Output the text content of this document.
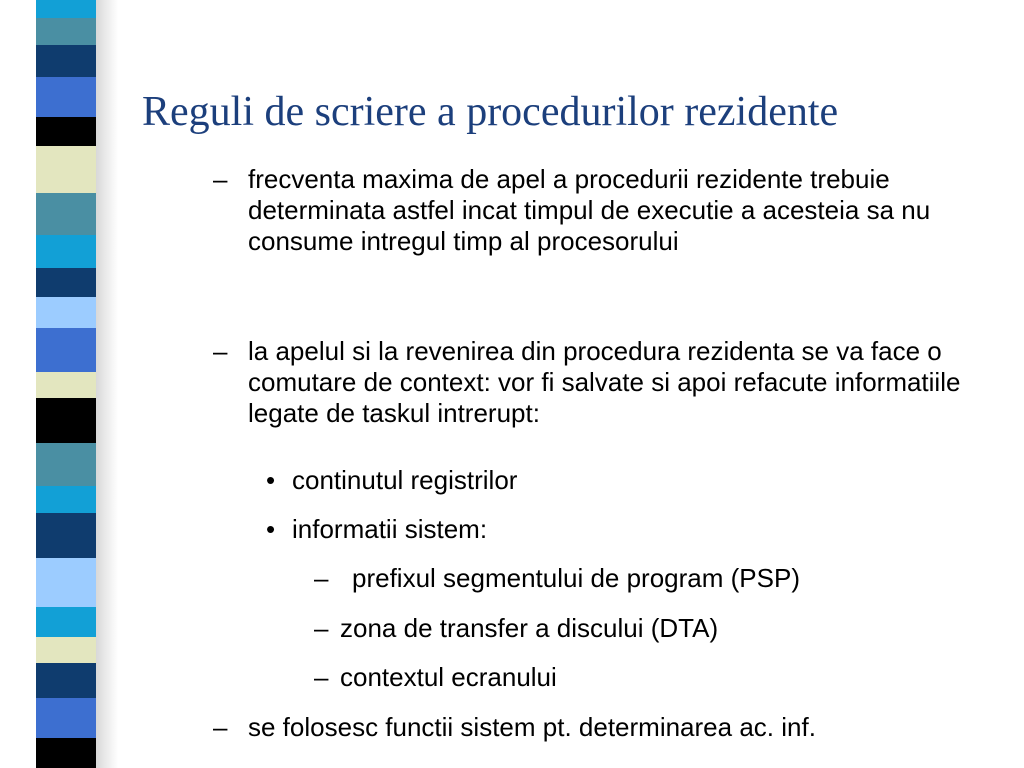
Reguli de scriere a procedurilor rezidente
– frecventa maxima de apel a procedurii rezidente trebuie determinata astfel incat timpul de executie a acesteia sa nu consume intregul timp al procesorului
– la apelul si la revenirea din procedura rezidenta se va face o comutare de context: vor fi salvate si apoi refacute informatiile legate de taskul intrerupt:
• continutul registrilor
• informatii sistem:
– prefixul segmentului de program (PSP)
– zona de transfer a discului (DTA)
– contextul ecranului
– se folosesc functii sistem pt. determinarea ac. inf.
